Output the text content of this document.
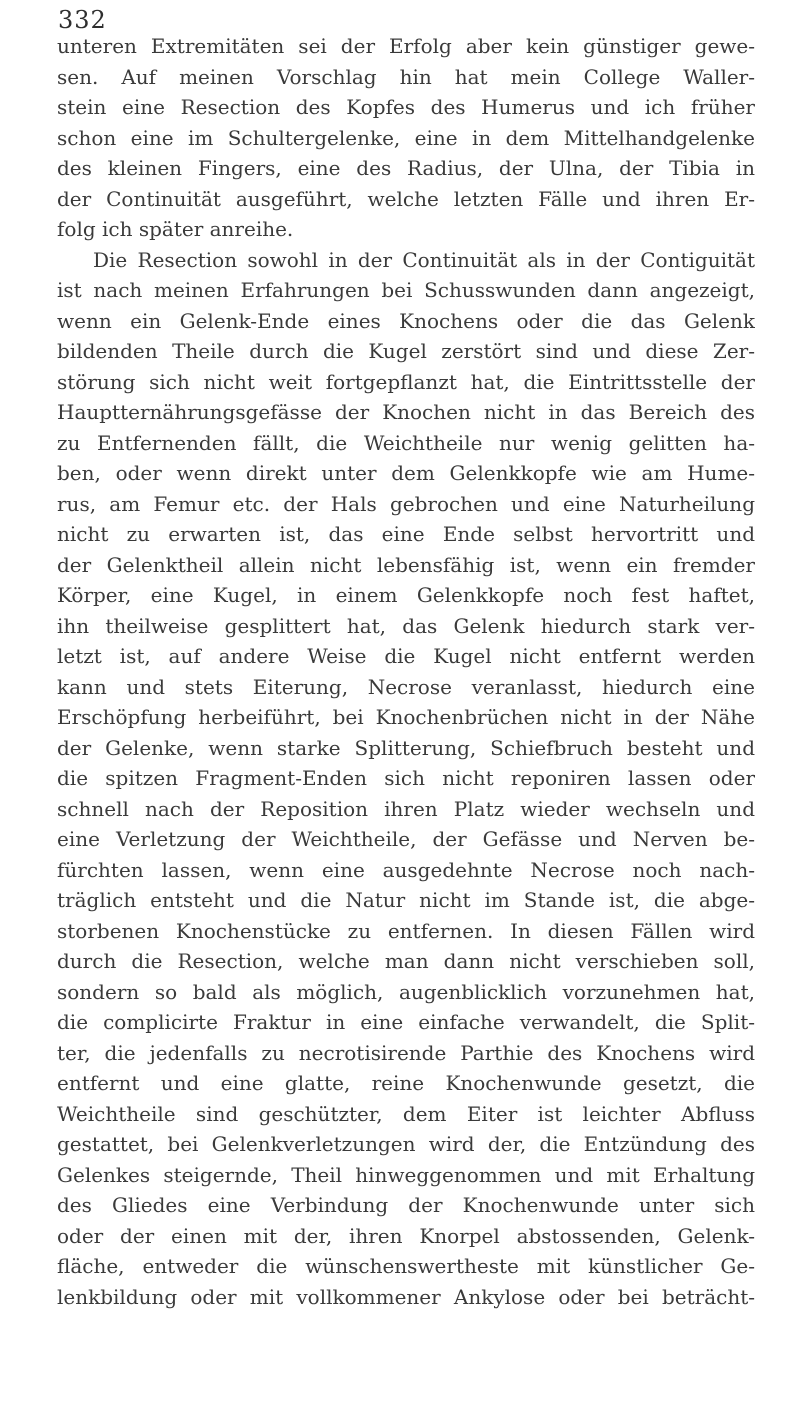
332
unteren Extremitäten sei der Erfolg aber kein günstiger gewe-
sen. Auf meinen Vorschlag hin hat mein College Waller-
stein eine Resection des Kopfes des Humerus und ich früher
schon eine im Schultergelenke, eine in dem Mittelhandgelenke
des kleinen Fingers, eine des Radius, der Ulna, der Tibia in
der Continuität ausgeführt, welche letzten Fälle und ihren Er-
folg ich später anreihe.
Die Resection sowohl in der Continuität als in der Contiguität
ist nach meinen Erfahrungen bei Schusswunden dann angezeigt,
wenn ein Gelenk-Ende eines Knochens oder die das Gelenk
bildenden Theile durch die Kugel zerstört sind und diese Zer-
störung sich nicht weit fortgepflanzt hat, die Eintrittsstelle der
Hauptternährungsgefässe der Knochen nicht in das Bereich des
zu Entfernenden fällt, die Weichtheile nur wenig gelitten ha-
ben, oder wenn direkt unter dem Gelenkkopfe wie am Hume-
rus, am Femur etc. der Hals gebrochen und eine Naturheilung
nicht zu erwarten ist, das eine Ende selbst hervortritt und
der Gelenktheil allein nicht lebensfähig ist, wenn ein fremder
Körper, eine Kugel, in einem Gelenkkopfe noch fest haftet,
ihn theilweise gesplittert hat, das Gelenk hiedurch stark ver-
letzt ist, auf andere Weise die Kugel nicht entfernt werden
kann und stets Eiterung, Necrose veranlasst, hiedurch eine
Erschöpfung herbeiführt, bei Knochenbrüchen nicht in der Nähe
der Gelenke, wenn starke Splitterung, Schiefbruch besteht und
die spitzen Fragment-Enden sich nicht reponiren lassen oder
schnell nach der Reposition ihren Platz wieder wechseln und
eine Verletzung der Weichtheile, der Gefässe und Nerven be-
fürchten lassen, wenn eine ausgedehnte Necrose noch nach-
träglich entsteht und die Natur nicht im Stande ist, die abge-
storbenen Knochenstücke zu entfernen. In diesen Fällen wird
durch die Resection, welche man dann nicht verschieben soll,
sondern so bald als möglich, augenblicklich vorzunehmen hat,
die complicirte Fraktur in eine einfache verwandelt, die Split-
ter, die jedenfalls zu necrotisirende Parthie des Knochens wird
entfernt und eine glatte, reine Knochenwunde gesetzt, die
Weichtheile sind geschützter, dem Eiter ist leichter Abfluss
gestattet, bei Gelenkverletzungen wird der, die Entzündung des
Gelenkes steigernde, Theil hinweggenommen und mit Erhaltung
des Gliedes eine Verbindung der Knochenwunde unter sich
oder der einen mit der, ihren Knorpel abstossenden, Gelenk-
fläche, entweder die wünschenswertheste mit künstlicher Ge-
lenkbildung oder mit vollkommener Ankylose oder bei beträcht-
